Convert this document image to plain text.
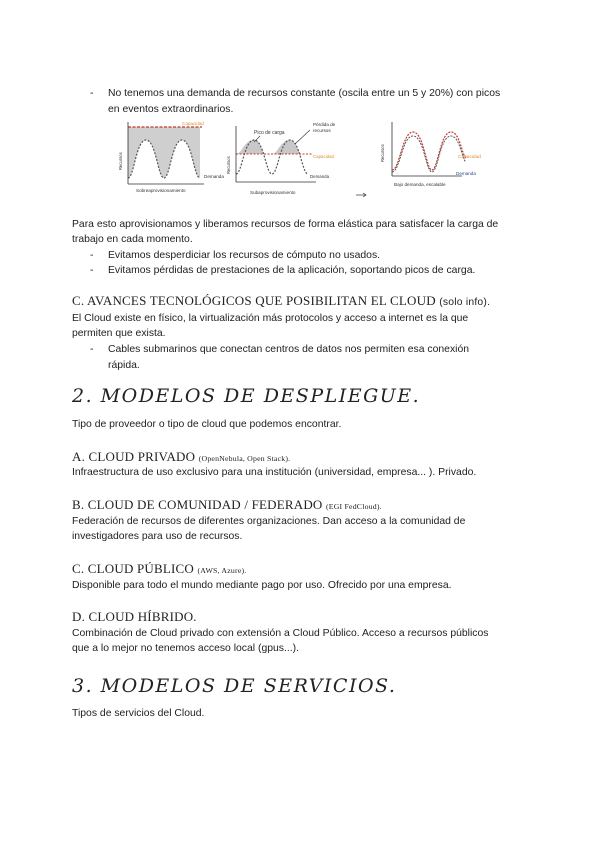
- No tenemos una demanda de recursos constante (oscila entre un 5 y 20%) con picos
en eventos extraordinarios.
Capacidad
Recursos
Demanda
Sobreaprovisionamiento
Pico de carga
Pérdida de
recursos
Capacidad
Recursos
Demanda
Subaprovisionamiento
Recursos	Capacidad
Demanda
Bajo demanda, escalable
Para esto aprovisionamos y liberamos recursos de forma elástica para satisfacer la carga de
trabajo en cada momento.
- Evitamos desperdiciar los recursos de cómputo no usados.
- Evitamos pérdidas de prestaciones de la aplicación, soportando picos de carga.
C. AVANCES TECNOLÓGICOS QUE POSIBILITAN EL CLOUD (solo info).
El Cloud existe en físico, la virtualización más protocolos y acceso a internet es la que
permiten que exista.
- Cables submarinos que conectan centros de datos nos permiten esa conexión
rápida.
2. MODELOS DE DESPLIEGUE.
Tipo de proveedor o tipo de cloud que podemos encontrar.
A. CLOUD PRIVADO (OpenNebula, Open Stack).
Infraestructura de uso exclusivo para una institución (universidad, empresa... ). Privado.
B. CLOUD DE COMUNIDAD / FEDERADO (EGI FedCloud).
Federación de recursos de diferentes organizaciones. Dan acceso a la comunidad de
investigadores para uso de recursos.
C. CLOUD PÚBLICO (AWS, Azure).
Disponible para todo el mundo mediante pago por uso. Ofrecido por una empresa.
D. CLOUD HÍBRIDO.
Combinación de Cloud privado con extensión a Cloud Público. Acceso a recursos públicos
que a lo mejor no tenemos acceso local (gpus...).
3. MODELOS DE SERVICIOS.
Tipos de servicios del Cloud.
